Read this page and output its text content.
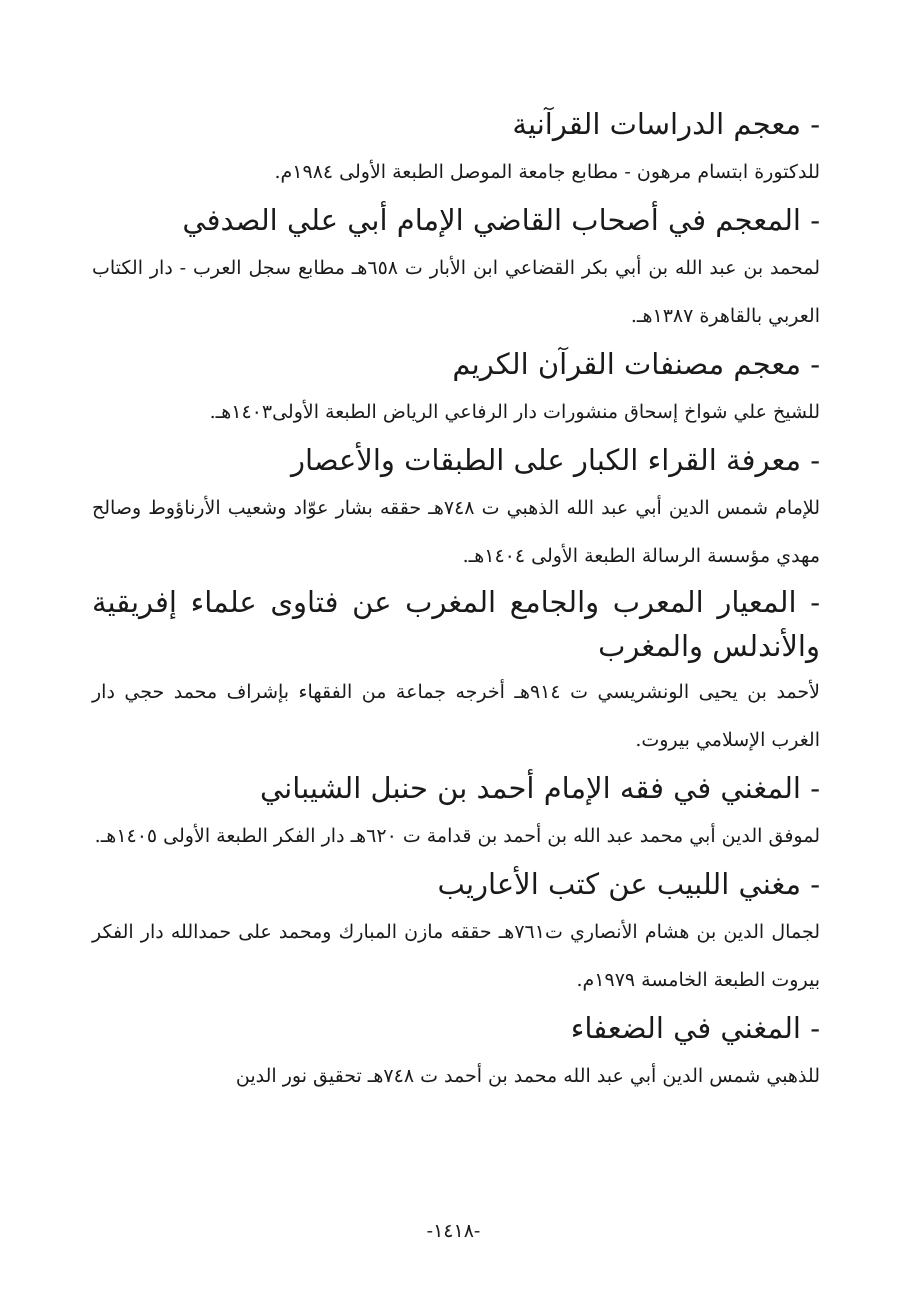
- معجم الدراسات القرآنية

للدكتورة ابتسام مرهون - مطابع جامعة الموصل الطبعة الأولى ١٩٨٤م.

- المعجم في أصحاب القاضي الإمام أبي علي الصدفي

لمحمد بن عبد الله بن أبي بكر القضاعي ابن الأبار ت ٦٥٨هـ مطابع سجل العرب - دار الكتاب العربي بالقاهرة ١٣٨٧هـ.

- معجم مصنفات القرآن الكريم

للشيخ علي شواخ إسحاق منشورات دار الرفاعي الرياض الطبعة الأولى١٤٠٣هـ.

- معرفة القراء الكبار على الطبقات والأعصار

للإمام شمس الدين أبي عبد الله الذهبي ت ٧٤٨هـ حققه بشار عوّاد وشعيب الأرناؤوط وصالح مهدي مؤسسة الرسالة الطبعة الأولى ١٤٠٤هـ.

- المعيار المعرب والجامع المغرب عن فتاوى علماء إفريقية والأندلس والمغرب

لأحمد بن يحيى الونشريسي ت ٩١٤هـ أخرجه جماعة من الفقهاء بإشراف محمد حجي دار الغرب الإسلامي بيروت.

- المغني في فقه الإمام أحمد بن حنبل الشيباني

لموفق الدين أبي محمد عبد الله بن أحمد بن قدامة ت ٦٢٠هـ دار الفكر الطبعة الأولى ١٤٠٥هـ.

- مغني اللبيب عن كتب الأعاريب

لجمال الدين بن هشام الأنصاري ت٧٦١هـ حققه مازن المبارك ومحمد على حمدالله دار الفكر بيروت الطبعة الخامسة ١٩٧٩م.

- المغني في الضعفاء

للذهبي شمس الدين أبي عبد الله محمد بن أحمد ت ٧٤٨هـ تحقيق نور الدين

-١٤١٨-
